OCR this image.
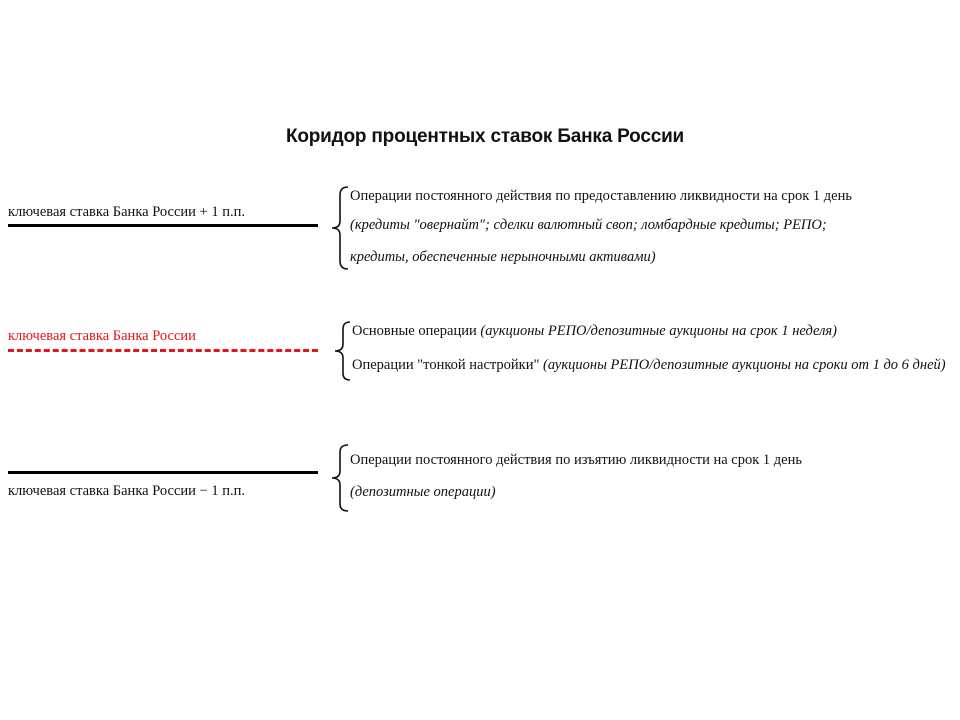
Коридор процентных ставок Банка России
ключевая ставка Банка России + 1 п.п.
Операции постоянного действия по предоставлению ликвидности на срок 1 день
(кредиты "овернайт"; сделки валютный своп; ломбардные кредиты; РЕПО;
кредиты, обеспеченные нерыночными активами)
ключевая ставка Банка России	Основные операции (аукционы РЕПО/депозитные аукционы на срок 1 неделя)
Операции "тонкой настройки" (аукционы РЕПО/депозитные аукционы на сроки от 1 до 6 дней)
ключевая ставка Банка России − 1 п.п.
Операции постоянного действия по изъятию ликвидности на срок 1 день
(депозитные операции)
